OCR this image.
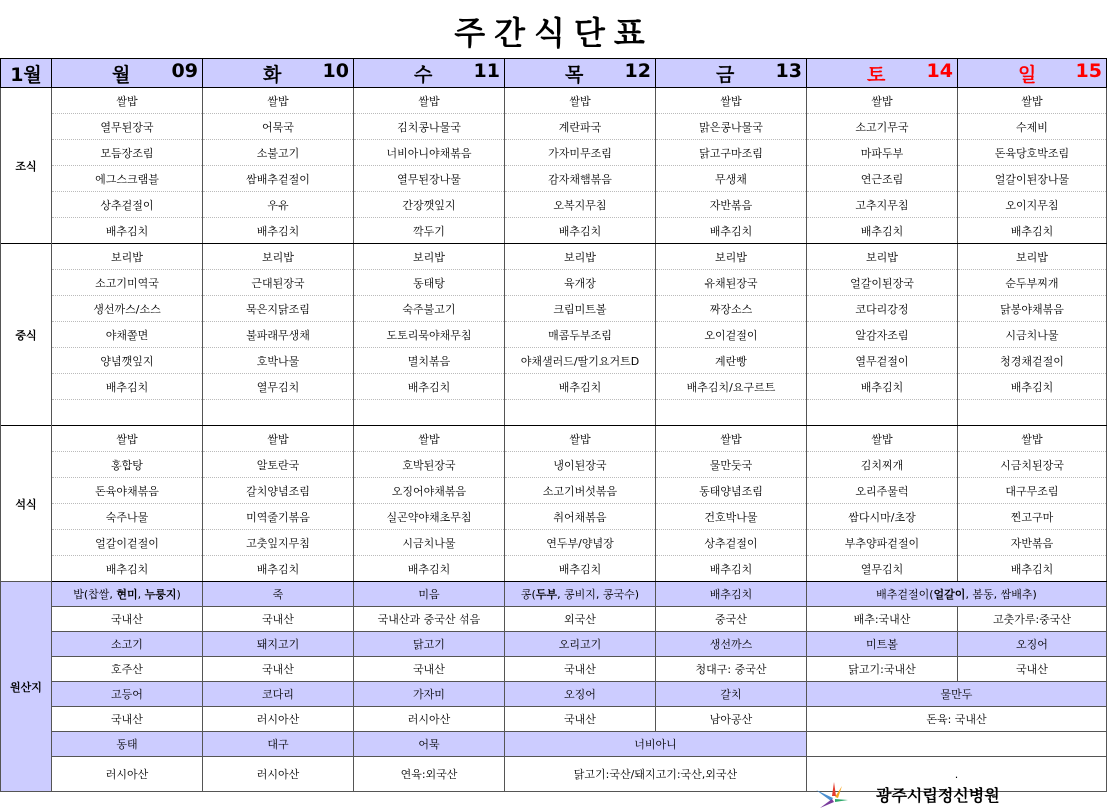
주간식단표
1월	월 09	화 10	수 11	목 12	금 13	토 14	일 15

조식	쌀밥	쌀밥	쌀밥	쌀밥	쌀밥	쌀밥	쌀밥
	열무된장국	어묵국	김치콩나물국	계란파국	맑은콩나물국	소고기무국	수제비
	모듬장조림	소불고기	너비아니야채볶음	가자미무조림	닭고구마조림	마파두부	돈육당호박조림
	에그스크램블	쌈배추겉절이	열무된장나물	감자채햄볶음	무생채	연근조림	얼갈이된장나물
	상추겉절이	우유	간장깻잎지	오복지무침	자반볶음	고추지무침	오이지무침
	배추김치	배추김치	깍두기	배추김치	배추김치	배추김치	배추김치
중식	보리밥	보리밥	보리밥	보리밥	보리밥	보리밥	보리밥
	소고기미역국	근대된장국	동태탕	육개장	유채된장국	얼갈이된장국	순두부찌개
	생선까스/소스	묵은지닭조림	숙주불고기	크림미트볼	짜장소스	코다리강정	닭봉야채볶음
	야채쫄면	불파래무생채	도토리묵야채무침	매콤두부조림	오이겉절이	알감자조림	시금치나물
	양념깻잎지	호박나물	멸치볶음	야채샐러드/딸기요거트D	계란빵	열무겉절이	청경채겉절이
	배추김치	열무김치	배추김치	배추김치	배추김치/요구르트	배추김치	배추김치

석식	쌀밥	쌀밥	쌀밥	쌀밥	쌀밥	쌀밥	쌀밥
	홍합탕	알토란국	호박된장국	냉이된장국	물만둣국	김치찌개	시금치된장국
	돈육야채볶음	갈치양념조림	오징어야채볶음	소고기버섯볶음	동태양념조림	오리주물럭	대구무조림
	숙주나물	미역줄기볶음	실곤약야채초무침	취어채볶음	건호박나물	쌈다시마/초장	찐고구마
	얼갈이겉절이	고춧잎지무침	시금치나물	연두부/양념장	상추겉절이	부추양파겉절이	자반볶음
	배추김치	배추김치	배추김치	배추김치	배추김치	열무김치	배추김치
원산지	밥(찹쌀, 현미, 누룽지)	죽	미음	콩(두부, 콩비지, 콩국수)	배추김치	배추겉절이(얼갈이, 봄동, 쌈배추)	
	국내산	국내산	국내산과 중국산 섞음	외국산	중국산	배추:국내산	고춧가루:중국산
	소고기	돼지고기	닭고기	오리고기	생선까스	미트볼	오징어
	호주산	국내산	국내산	국내산	청대구: 중국산	닭고기:국내산	국내산
	고등어	코다리	가자미	오징어	갈치	물만두	
	국내산	러시아산	러시아산	국내산	남아공산	돈육: 국내산	
	동태	대구	어묵	너비아니			
	러시아산	러시아산	연육:외국산	닭고기:국산/돼지고기:국산,외국산		.	
광주시립정신병원
